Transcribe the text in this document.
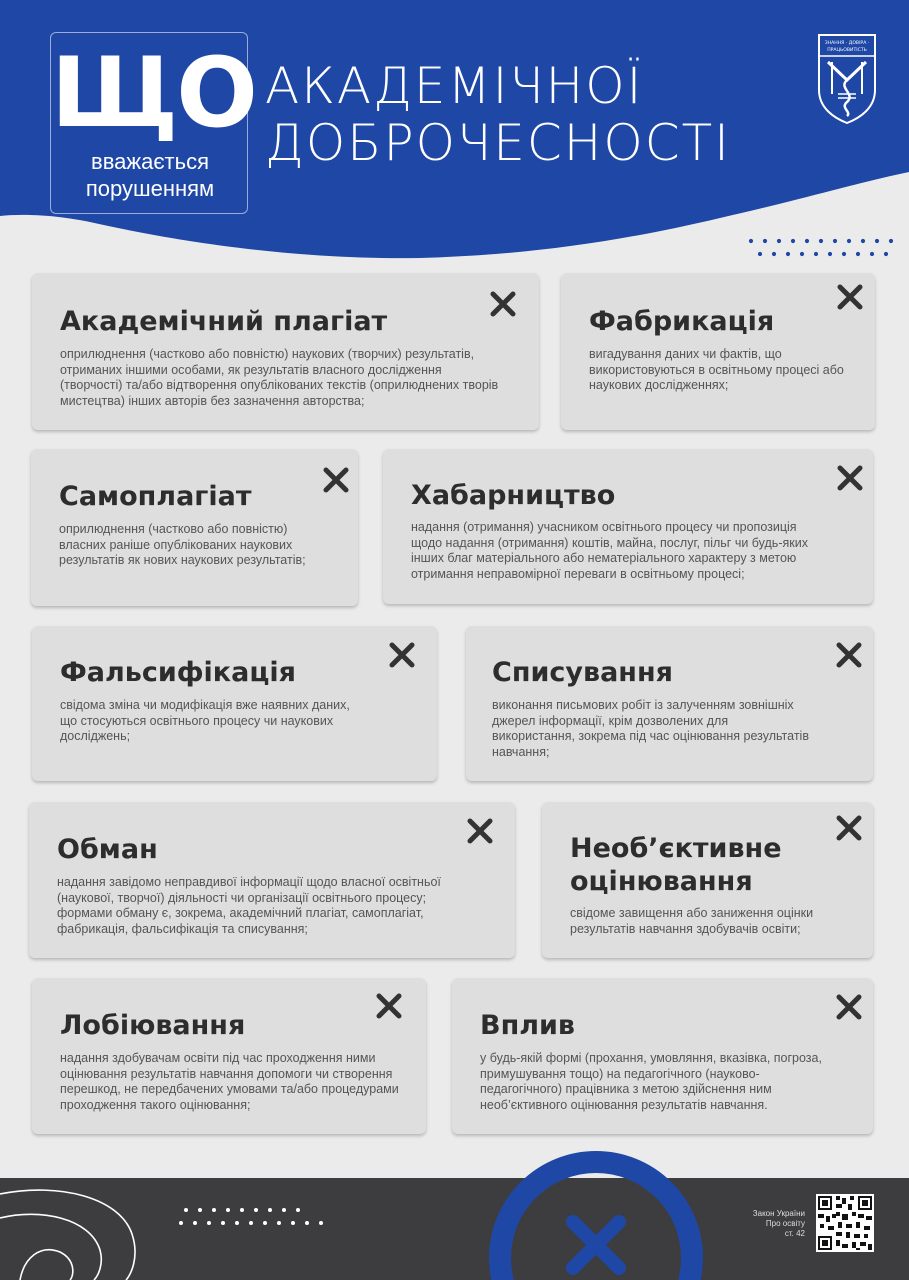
ЩО
вважається
порушенням
АКАДЕМІЧНОЇ
ДОБРОЧЕСНОСТІ
ЗНАННЯ · ДОВІРА ·
ПРАЦЬОВИТІСТЬ
Академічний плагіат
оприлюднення (частково або повністю) наукових (творчих) результатів, отриманих іншими особами, як результатів власного дослідження (творчості) та/або відтворення опублікованих текстів (оприлюднених творів мистецтва) інших авторів без зазначення авторства;
Фабрикація
вигадування даних чи фактів, що використовуються в освітньому процесі або наукових дослідженнях;
Самоплагіат
оприлюднення (частково або повністю) власних раніше опублікованих наукових результатів як нових наукових результатів;
Хабарництво
надання (отримання) учасником освітнього процесу чи пропозиція щодо надання (отримання) коштів, майна, послуг, пільг чи будь-яких інших благ матеріального або нематеріального характеру з метою отримання неправомірної переваги в освітньому процесі;
Фальсифікація
свідома зміна чи модифікація вже наявних даних, що стосуються освітнього процесу чи наукових досліджень;
Списування
виконання письмових робіт із залученням зовнішніх джерел інформації, крім дозволених для використання, зокрема під час оцінювання результатів навчання;
Обман
надання завідомо неправдивої інформації щодо власної освітньої (наукової, творчої) діяльності чи організації освітнього процесу; формами обману є, зокрема, академічний плагіат, самоплагіат, фабрикація, фальсифікація та списування;
Необ’єктивне
оцінювання
свідоме завищення або заниження оцінки результатів навчання здобувачів освіти;
Лобіювання
надання здобувачам освіти під час проходження ними оцінювання результатів навчання допомоги чи створення перешкод, не передбачених умовами та/або процедурами проходження такого оцінювання;
Вплив
у будь-якій формі (прохання, умовляння, вказівка, погроза, примушування тощо) на педагогічного (науково-педагогічного) працівника з метою здійснення ним необ’єктивного оцінювання результатів навчання.
Закон України
Про освіту
ст. 42
